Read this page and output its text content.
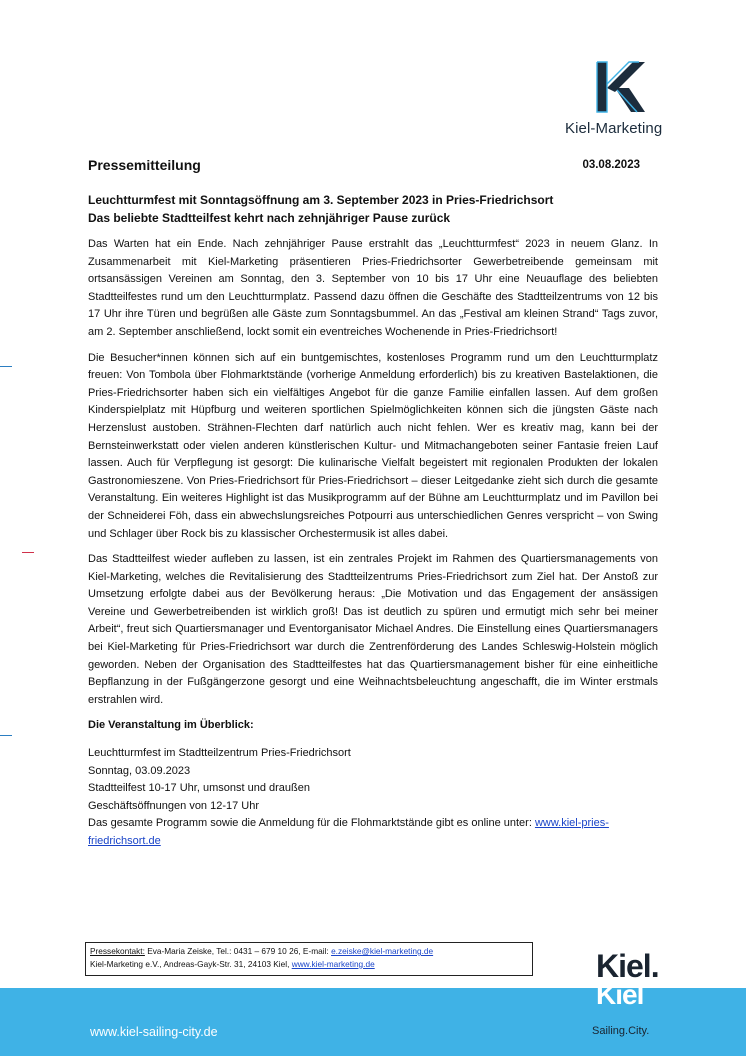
Kiel-Marketing
Pressemitteilung	03.08.2023
Leuchtturmfest mit Sonntagsöffnung am 3. September 2023 in Pries-Friedrichsort
Das beliebte Stadtteilfest kehrt nach zehnjähriger Pause zurück

Das Warten hat ein Ende. Nach zehnjähriger Pause erstrahlt das „Leuchtturmfest“ 2023 in neuem Glanz. In Zusammenarbeit mit Kiel-Marketing präsentieren Pries-Friedrichsorter Gewerbetreibende gemeinsam mit ortsansässigen Vereinen am Sonntag, den 3. September von 10 bis 17 Uhr eine Neuauflage des beliebten Stadtteilfestes rund um den Leuchtturmplatz. Passend dazu öffnen die Geschäfte des Stadtteilzentrums von 12 bis 17 Uhr ihre Türen und begrüßen alle Gäste zum Sonntagsbummel. An das „Festival am kleinen Strand“ Tags zuvor, am 2. September anschließend, lockt somit ein eventreiches Wochenende in Pries-Friedrichsort!

Die Besucher*innen können sich auf ein buntgemischtes, kostenloses Programm rund um den Leuchtturmplatz freuen: Von Tombola über Flohmarktstände (vorherige Anmeldung erforderlich) bis zu kreativen Bastelaktionen, die Pries-Friedrichsorter haben sich ein vielfältiges Angebot für die ganze Familie einfallen lassen. Auf dem großen Kinderspielplatz mit Hüpfburg und weiteren sportlichen Spielmöglichkeiten können sich die jüngsten Gäste nach Herzenslust austoben. Strähnen-Flechten darf natürlich auch nicht fehlen. Wer es kreativ mag, kann bei der Bernsteinwerkstatt oder vielen anderen künstlerischen Kultur- und Mitmachangeboten seiner Fantasie freien Lauf lassen. Auch für Verpflegung ist gesorgt: Die kulinarische Vielfalt begeistert mit regionalen Produkten der lokalen Gastronomieszene. Von Pries-Friedrichsort für Pries-Friedrichsort – dieser Leitgedanke zieht sich durch die gesamte Veranstaltung. Ein weiteres Highlight ist das Musikprogramm auf der Bühne am Leuchtturmplatz und im Pavillon bei der Schneiderei Föh, dass ein abwechslungsreiches Potpourri aus unterschiedlichen Genres verspricht – von Swing und Schlager über Rock bis zu klassischer Orchestermusik ist alles dabei.

Das Stadtteilfest wieder aufleben zu lassen, ist ein zentrales Projekt im Rahmen des Quartiersmanagements von Kiel-Marketing, welches die Revitalisierung des Stadtteilzentrums Pries-Friedrichsort zum Ziel hat. Der Anstoß zur Umsetzung erfolgte dabei aus der Bevölkerung heraus: „Die Motivation und das Engagement der ansässigen Vereine und Gewerbetreibenden ist wirklich groß! Das ist deutlich zu spüren und ermutigt mich sehr bei meiner Arbeit“, freut sich Quartiersmanager und Eventorganisator Michael Andres. Die Einstellung eines Quartiersmanagers bei Kiel-Marketing für Pries-Friedrichsort war durch die Zentrenförderung des Landes Schleswig-Holstein möglich geworden. Neben der Organisation des Stadtteilfestes hat das Quartiersmanagement bisher für eine einheitliche Bepflanzung in der Fußgängerzone gesorgt und eine Weihnachtsbeleuchtung angeschafft, die im Winter erstmals erstrahlen wird.

Die Veranstaltung im Überblick:

Leuchtturmfest im Stadtteilzentrum Pries-Friedrichsort
Sonntag, 03.09.2023
Stadtteilfest 10-17 Uhr, umsonst und draußen
Geschäftsöffnungen von 12-17 Uhr
Das gesamte Programm sowie die Anmeldung für die Flohmarktstände gibt es online unter: www.kiel-pries-friedrichsort.de
Pressekontakt: Eva-Maria Zeiske, Tel.: 0431 – 679 10 26, E-mail: e.zeiske@kiel-marketing.de
Kiel-Marketing e.V., Andreas-Gayk-Str. 31, 24103 Kiel, www.kiel-marketing.de
www.kiel-sailing-city.de	Sailing.City.
Kiel.
Kiel
